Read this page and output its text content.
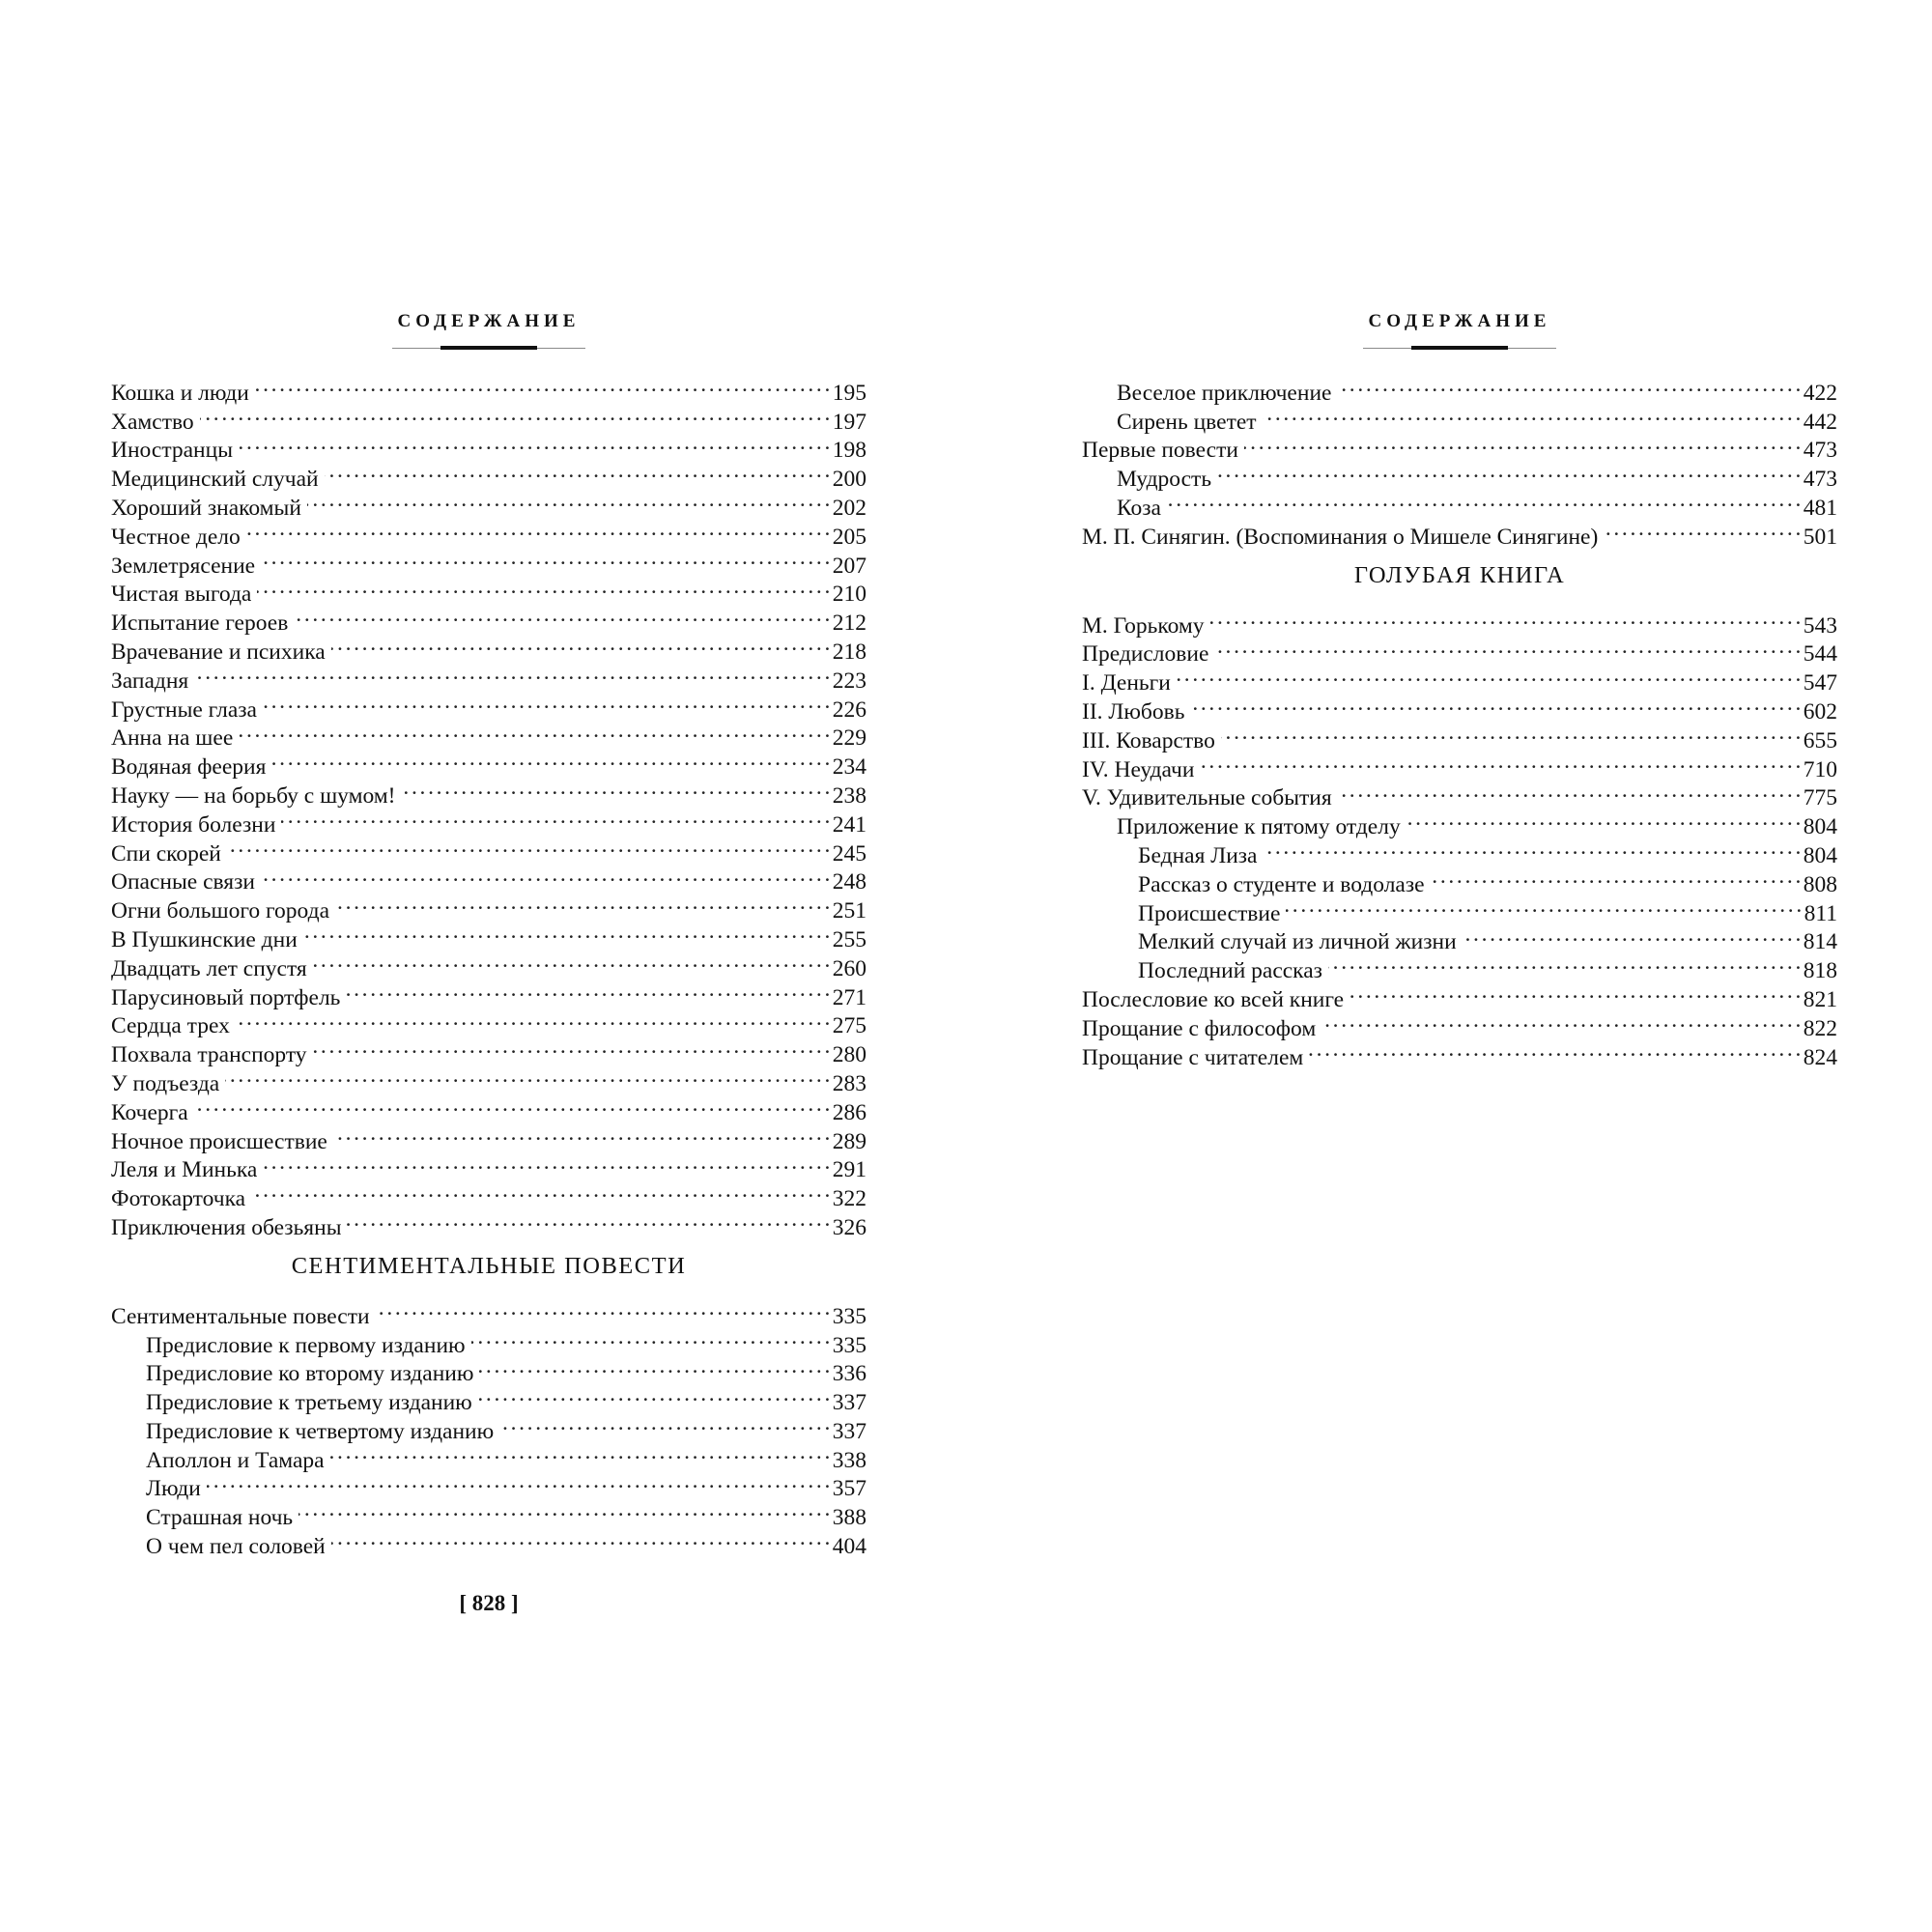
СОДЕРЖАНИЕ
Кошка и люди . . .	195
Хамство . . .	197
Иностранцы . . .	198
Медицинский случай . . .	200
Хороший знакомый . . .	202
Честное дело . . .	205
Землетрясение . . .	207
Чистая выгода . . .	210
Испытание героев . . .	212
Врачевание и психика . . .	218
Западня . . .	223
Грустные глаза . . .	226
Анна на шее . . .	229
Водяная феерия . . .	234
Науку — на борьбу с шумом! . . .	238
История болезни . . .	241
Спи скорей . . .	245
Опасные связи . . .	248
Огни большого города . . .	251
В Пушкинские дни . . .	255
Двадцать лет спустя . . .	260
Парусиновый портфель . . .	271
Сердца трех . . .	275
Похвала транспорту . . .	280
У подъезда . . .	283
Кочерга . . .	286
Ночное происшествие . . .	289
Леля и Минька . . .	291
Фотокарточка . . .	322
Приключения обезьяны . . .	326
СЕНТИМЕНТАЛЬНЫЕ ПОВЕСТИ
Сентиментальные повести . . .	335
Предисловие к первому изданию . . .	335
Предисловие ко второму изданию . . .	336
Предисловие к третьему изданию . . .	337
Предисловие к четвертому изданию . . .	337
Аполлон и Тамара . . .	338
Люди . . .	357
Страшная ночь . . .	388
О чем пел соловей . . .	404
[ 828 ]
СОДЕРЖАНИЕ
Веселое приключение . . .	422
Сирень цветет . . .	442
Первые повести . . .	473
Мудрость . . .	473
Коза . . .	481
М. П. Синягин. (Воспоминания о Мишеле Синягине) . . .	501
ГОЛУБАЯ КНИГА
М. Горькому . . .	543
Предисловие . . .	544
I. Деньги . . .	547
II. Любовь . . .	602
III. Коварство . . .	655
IV. Неудачи . . .	710
V. Удивительные события . . .	775
Приложение к пятому отделу . . .	804
Бедная Лиза . . .	804
Рассказ о студенте и водолазе . . .	808
Происшествие . . .	811
Мелкий случай из личной жизни . . .	814
Последний рассказ . . .	818
Послесловие ко всей книге . . .	821
Прощание с философом . . .	822
Прощание с читателем . . .	824
